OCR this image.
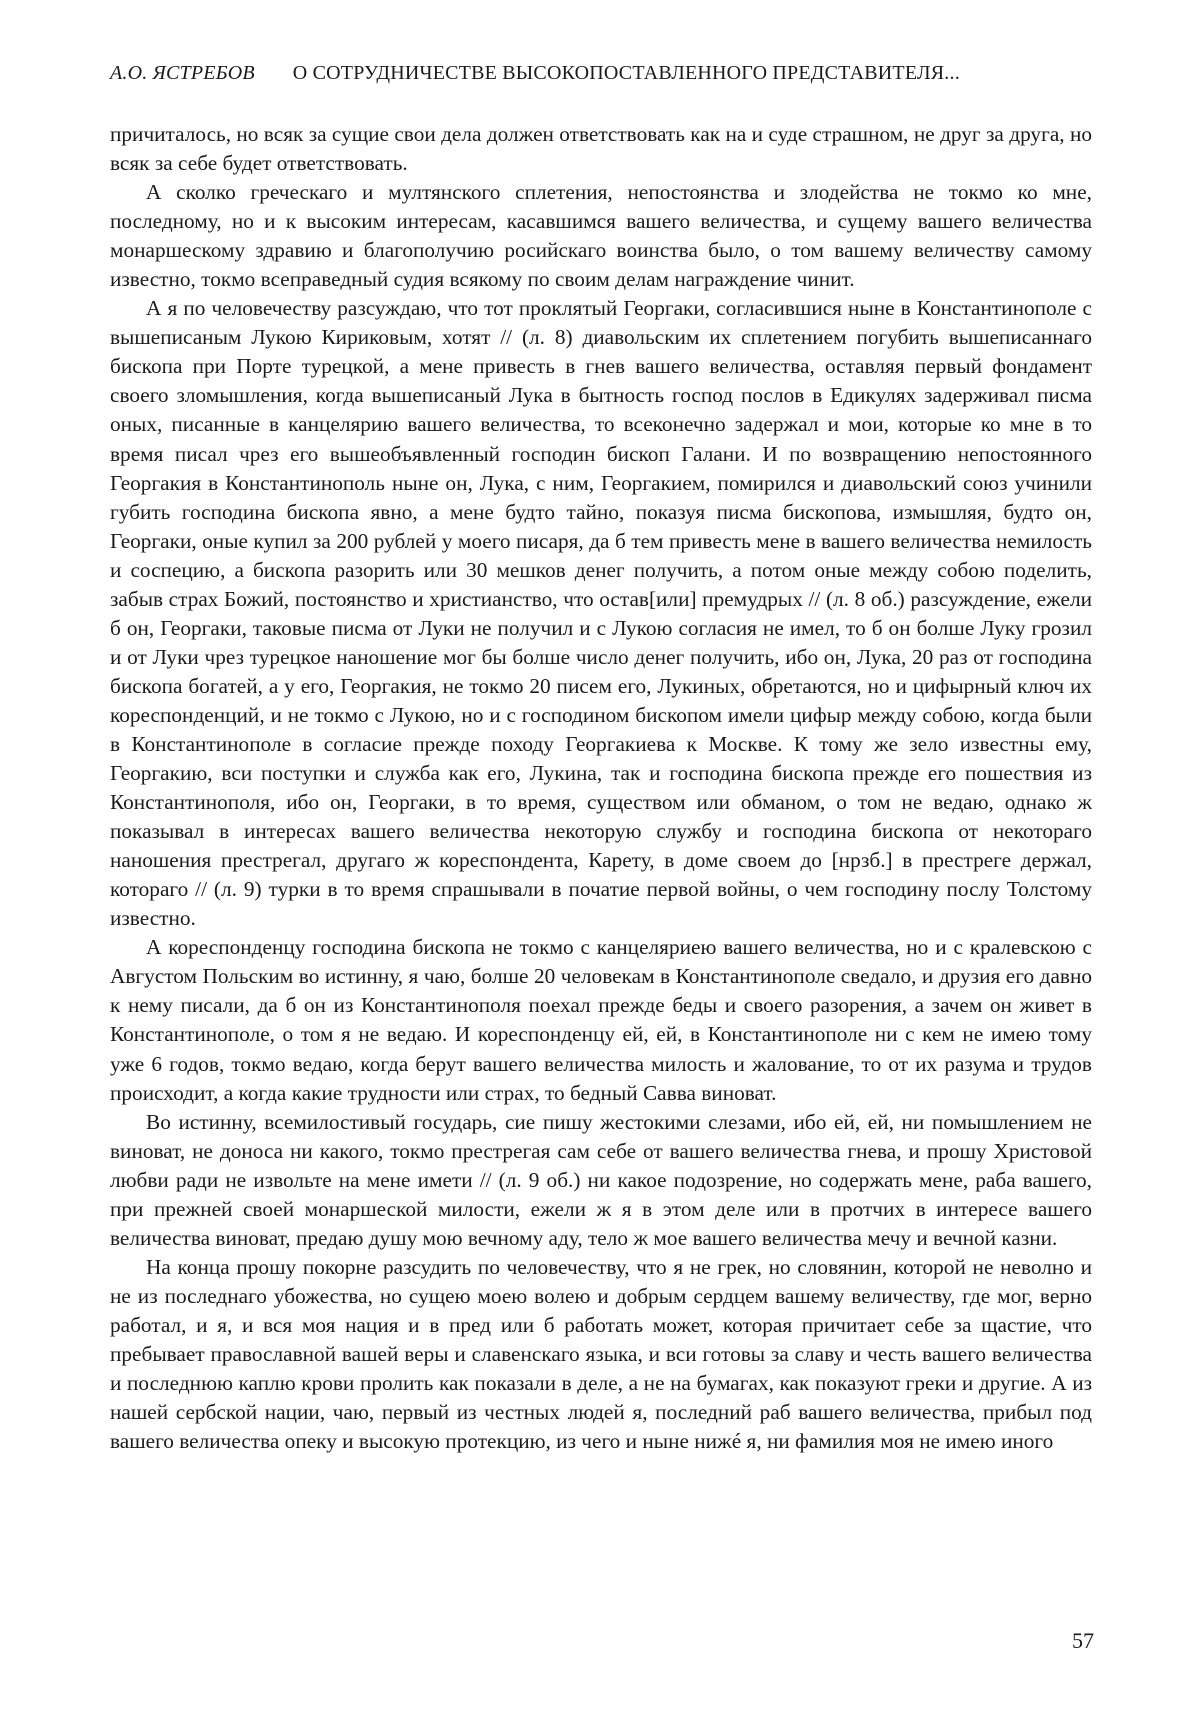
А.О. ЯСТРЕБОВ О СОТРУДНИЧЕСТВЕ ВЫСОКОПОСТАВЛЕННОГО ПРЕДСТАВИТЕЛЯ...

причиталось, но всяк за сущие свои дела должен ответствовать как на и суде страшном, не друг за друга, но всяк за себе будет ответствовать.

А сколко греческаго и мултянского сплетения, непостоянства и злодейства не токмо ко мне, последному, но и к высоким интересам, касавшимся вашего величества, и сущему вашего величества монаршескому здравию и благополучию росийскаго воинства было, о том вашему величеству самому известно, токмо всеправедный судия всякому по своим делам награждение чинит.

А я по человечеству разсуждаю, что тот проклятый Георгаки, согласившися ныне в Константинополе с вышеписаным Лукою Кириковым, хотят // (л. 8) диавольским их сплетением погубить вышеписаннаго бископа при Порте турецкой, а мене привесть в гнев вашего величества, оставляя первый фондамент своего зломышления, когда вышеписаный Лука в бытность господ послов в Едикулях задерживал писма оных, писанные в канцелярию вашего величества, то всеконечно задержал и мои, которые ко мне в то время писал чрез его вышеобъявленный господин бископ Галани. И по возвращению непостоянного Георгакия в Константинополь ныне он, Лука, с ним, Георгакием, помирился и диавольский союз учинили губить господина бископа явно, а мене будто тайно, показуя писма бископова, измышляя, будто он, Георгаки, оные купил за 200 рублей у моего писаря, да б тем привесть мене в вашего величества немилость и соспецию, а бископа разорить или 30 мешков денег получить, а потом оные между собою поделить, забыв страх Божий, постоянство и христианство, что остав[или] премудрых // (л. 8 об.) разсуждение, ежели б он, Георгаки, таковые писма от Луки не получил и с Лукою согласия не имел, то б он болше Луку грозил и от Луки чрез турецкое наношение мог бы болше число денег получить, ибо он, Лука, 20 раз от господина бископа богатей, а у его, Георгакия, не токмо 20 писем его, Лукиных, обретаются, но и цифырный ключ их кореспонденций, и не токмо с Лукою, но и с господином бископом имели цифыр между собою, когда были в Константинополе в согласие прежде походу Георгакиева к Москве. К тому же зело известны ему, Георгакию, вси поступки и служба как его, Лукина, так и господина бископа прежде его пошествия из Константинополя, ибо он, Георгаки, в то время, существом или обманом, о том не ведаю, однако ж показывал в интересах вашего величества некоторую службу и господина бископа от некотораго наношения престрегал, другаго ж кореспондента, Карету, в доме своем до [нрзб.] в престреге держал, котораго // (л. 9) турки в то время спрашывали в початие первой войны, о чем господину послу Толстому известно.

А кореспонденцу господина бископа не токмо с канцеляриею вашего величества, но и с кралевскою с Августом Польским во истинну, я чаю, болше 20 человекам в Константинополе сведало, и друзия его давно к нему писали, да б он из Константинополя поехал прежде беды и своего разорения, а зачем он живет в Константинополе, о том я не ведаю. И кореспонденцу ей, ей, в Константинополе ни с кем не имею тому уже 6 годов, токмо ведаю, когда берут вашего величества милость и жалование, то от их разума и трудов происходит, а когда какие трудности или страх, то бедный Савва виноват.

Во истинну, всемилостивый государь, сие пишу жестокими слезами, ибо ей, ей, ни помышлением не виноват, не доноса ни какого, токмо престрегая сам себе от вашего величества гнева, и прошу Христовой любви ради не извольте на мене имети // (л. 9 об.) ни какое подозрение, но содержать мене, раба вашего, при прежней своей монаршеской милости, ежели ж я в этом деле или в протчих в интересе вашего величества виноват, предаю душу мою вечному аду, тело ж мое вашего величества мечу и вечной казни.

На конца прошу покорне разсудить по человечеству, что я не грек, но словянин, которой не неволно и не из последнаго убожества, но сущею моею волею и добрым сердцем вашему величеству, где мог, верно работал, и я, и вся моя нация и в пред или б работать может, которая причитает себе за щастие, что пребывает православной вашей веры и славенскаго языка, и вси готовы за славу и честь вашего величества и последнюю каплю крови пролить как показали в деле, а не на бумагах, как показуют греки и другие. А из нашей сербской нации, чаю, первый из честных людей я, последний раб вашего величества, прибыл под вашего величества опеку и высокую протекцию, из чего и ныне нижé я, ни фамилия моя не имею иного

57
